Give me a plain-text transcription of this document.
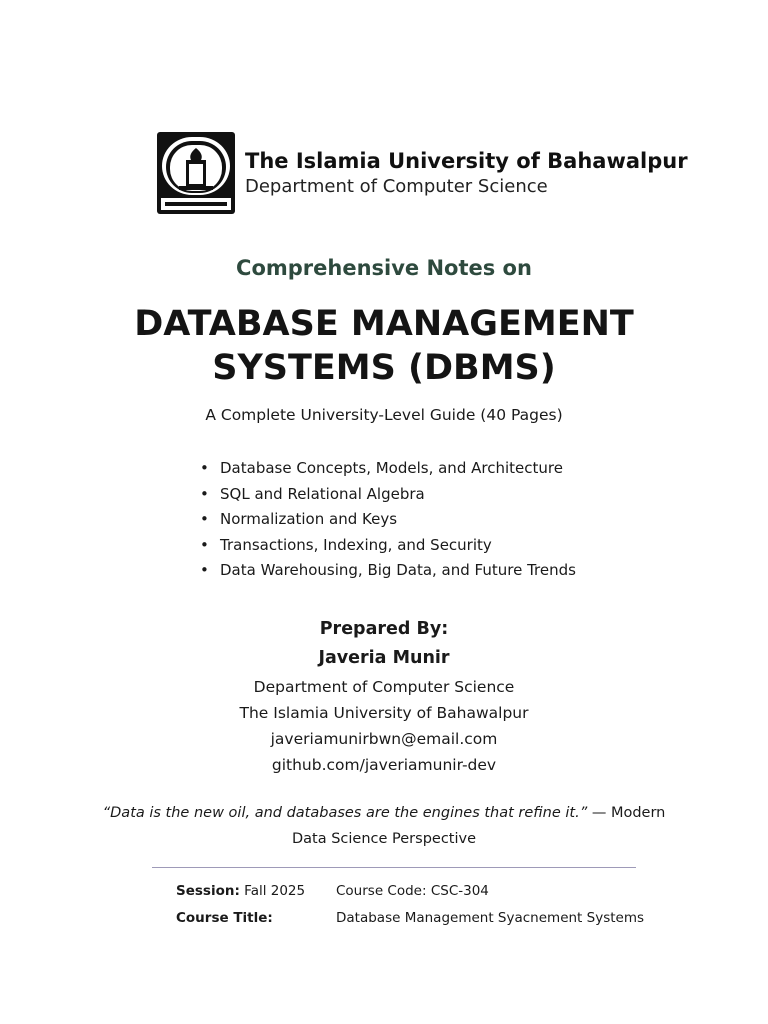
The Islamia University of Bahawalpur
Department of Computer Science
Comprehensive Notes on
DATABASE MANAGEMENT
SYSTEMS (DBMS)
A Complete University-Level Guide (40 Pages)
• Database Concepts, Models, and Architecture
• SQL and Relational Algebra
• Normalization and Keys
• Transactions, Indexing, and Security
• Data Warehousing, Big Data, and Future Trends
Prepared By:
Javeria Munir
Department of Computer Science
The Islamia University of Bahawalpur
javeriamunirbwn@email.com
github.com/javeriamunir-dev
“Data is the new oil, and databases are the engines that refine it.” — Modern
Data Science Perspective
Session: Fall 2025 Course Code: CSC-304
Course Title:	Database Management Syacnement Systems
